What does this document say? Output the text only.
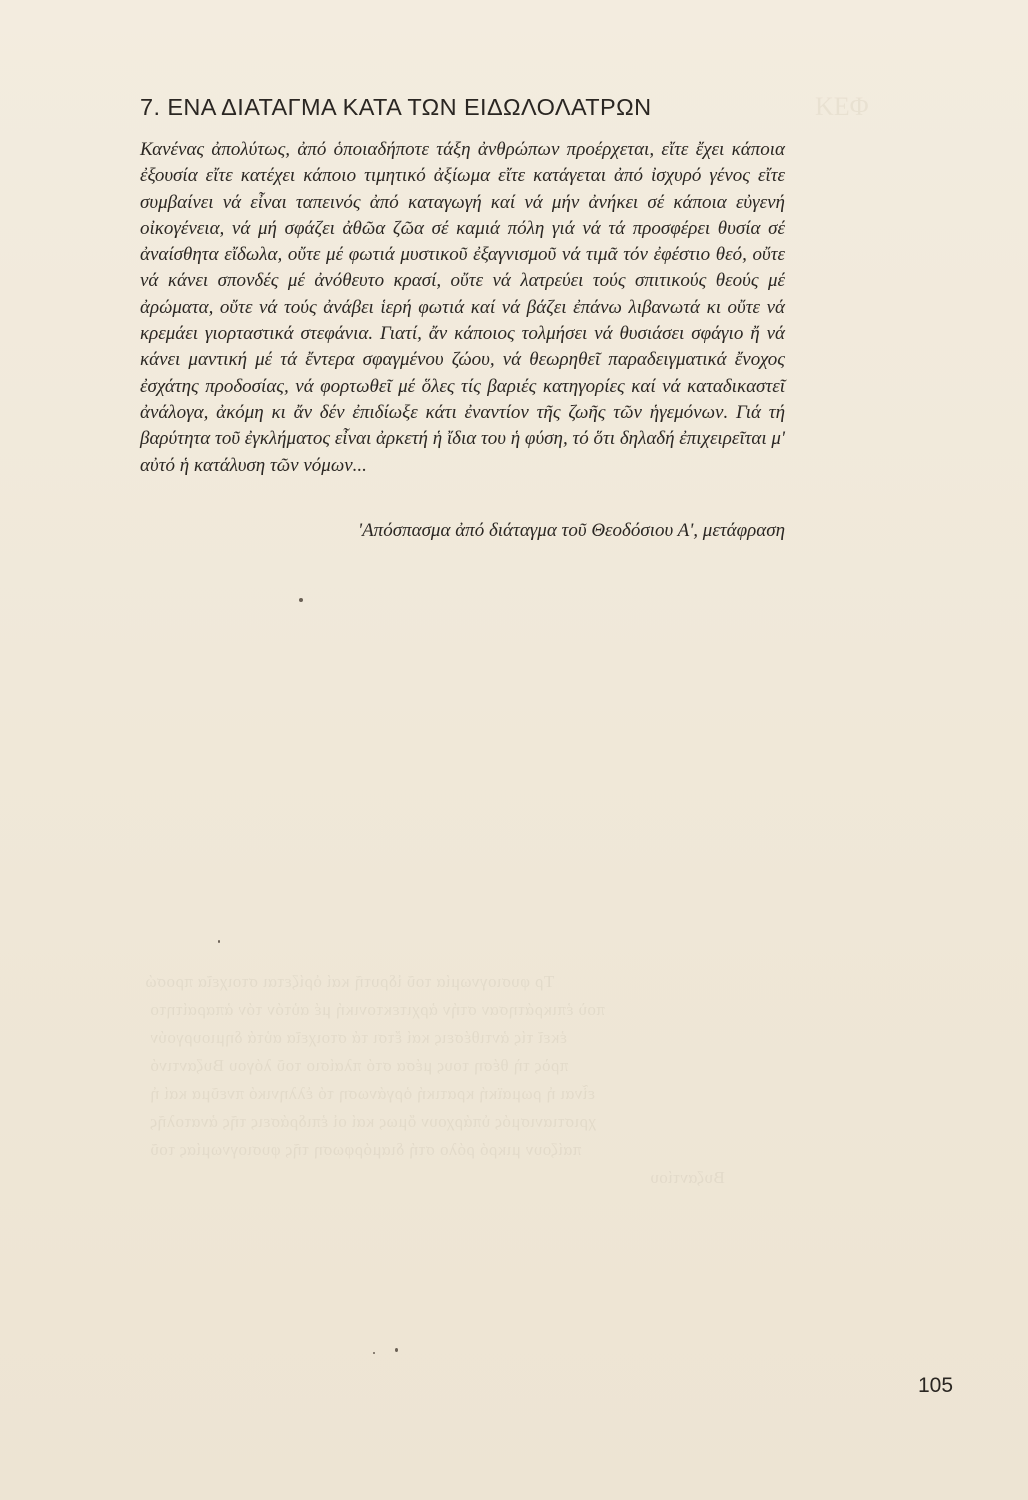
ΚΕΦ
Τρ φυσιογνωμία τοῦ ἱδρυτῆ καί ὁρίζεται στοιχεῖα προσώ
ποὺ ἐπικράτησαν στήν ἀρχιτεκτονική μέ αὐτόν τόν ἀπαραίτητο
ἐκεῖ τίς ἀντιθέσεις καί ἔτσι τά στοιχεῖα αὐτά δημιουργούν
πρὸς τὴ θέση τους μέσα στό πλαίσιο τοῦ λόγου Βυζαντινό
εἶναι ἡ ρωμαϊκή κρατική ὀργάνωση τό ἑλληνικό πνεῦμα καί ἡ
χριστιανισμός ὑπάρχουν ὅμως καί οἱ ἐπιδράσεις τῆς ἀνατολῆς
παίζουν μικρό ρόλο στή διαμόρφωση τῆς φυσιογνωμίας τοῦ
Βυζαντίου
7. ΕΝΑ ΔΙΑΤΑΓΜΑ ΚΑΤΑ ΤΩΝ ΕΙΔΩΛΟΛΑΤΡΩΝ

Κανένας ἀπολύτως, ἀπό ὁποιαδήποτε τάξη ἀνθρώπων προέρχεται, εἴτε ἔχει κάποια ἐξουσία εἴτε κατέχει κάποιο τιμητικό ἀξίωμα εἴτε κατάγεται ἀπό ἰσχυρό γένος εἴτε συμβαίνει νά εἶναι ταπεινός ἀπό καταγωγή καί νά μήν ἀνήκει σέ κάποια εὐγενή οἰκογένεια, νά μή σφάζει ἀθῶα ζῶα σέ καμιά πόλη γιά νά τά προσφέρει θυσία σέ ἀναίσθητα εἴδωλα, οὔτε μέ φωτιά μυστικοῦ ἐξαγνισμοῦ νά τιμᾶ τόν ἐφέστιο θεό, οὔτε νά κάνει σπονδές μέ ἀνόθευτο κρασί, οὔτε νά λατρεύει τούς σπιτικούς θεούς μέ ἀρώματα, οὔτε νά τούς ἀνάβει ἱερή φωτιά καί νά βάζει ἐπάνω λιβανωτά κι οὔτε νά κρεμάει γιορταστικά στεφάνια. Γιατί, ἄν κάποιος τολμήσει νά θυσιάσει σφάγιο ἤ νά κάνει μαντική μέ τά ἔντερα σφαγμένου ζώου, νά θεωρηθεῖ παραδειγματικά ἔνοχος ἐσχάτης προδοσίας, νά φορτωθεῖ μέ ὅλες τίς βαριές κατηγορίες καί νά καταδικαστεῖ ἀνάλογα, ἀκόμη κι ἄν δέν ἐπιδίωξε κάτι ἐναντίον τῆς ζωῆς τῶν ἡγεμόνων. Γιά τή βαρύτητα τοῦ ἐγκλήματος εἶναι ἀρκετή ἡ ἴδια του ἡ φύση, τό ὅτι δηλαδή ἐπιχειρεῖται μ' αὐτό ἡ κατάλυση τῶν νόμων...

'Απόσπασμα ἀπό διάταγμα τοῦ Θεοδόσιου Α', μετάφραση

105
